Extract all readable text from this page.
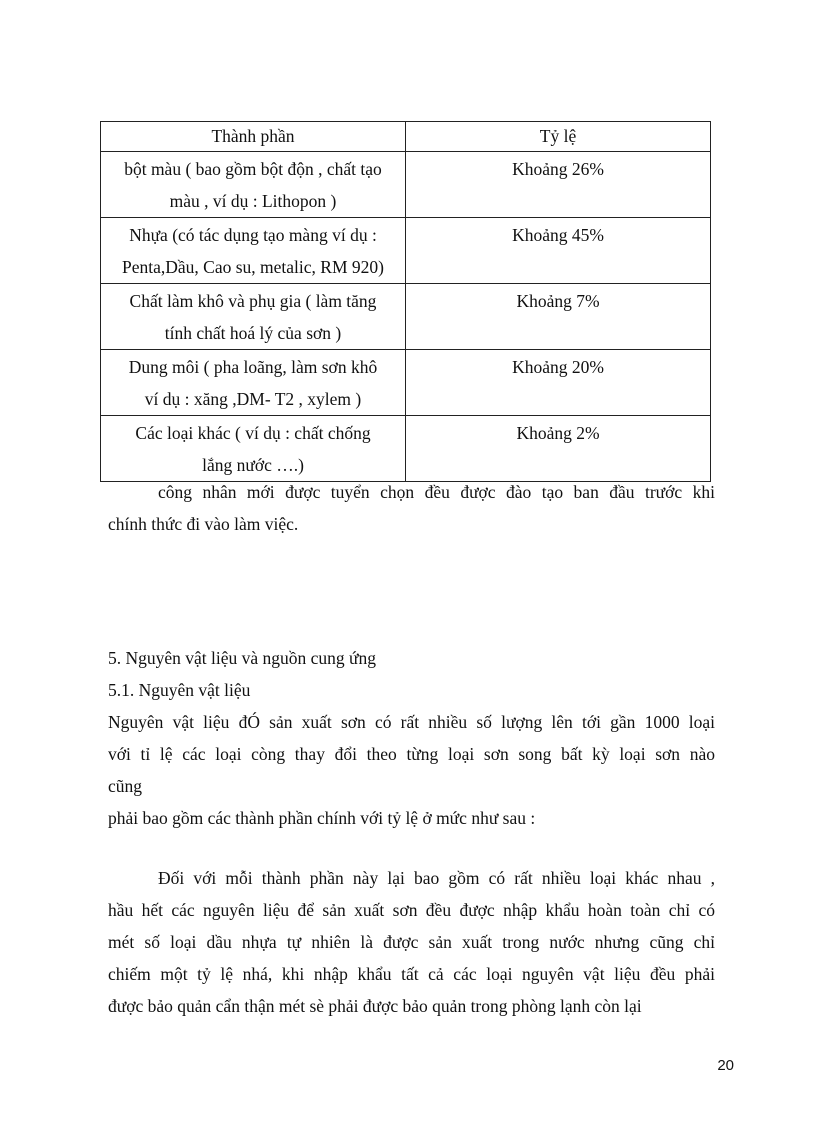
Thành phần	Tỷ lệ

bột màu ( bao gồm bột độn , chất tạo
màu , ví dụ : Lithopon )	Khoảng 26%

Nhựa (có tác dụng tạo màng ví dụ :
Penta,Dầu, Cao su, metalic, RM 920)	Khoảng 45%

Chất làm khô và phụ gia ( làm tăng
tính chất hoá lý của sơn )	Khoảng 7%

Dung môi ( pha loãng, làm sơn khô
ví dụ : xăng ,DM- T2 , xylem )	Khoảng 20%

Các loại khác ( ví dụ : chất chống
lắng nước ….)	Khoảng 2%
công nhân mới được tuyển chọn đều được đào tạo ban đầu trước khi
chính thức đi vào làm việc.
5. Nguyên vật liệu và nguồn cung ứng
5.1. Nguyên vật liệu
Nguyên vật liệu đÓ sản xuất sơn có rất nhiều số lượng lên tới gần 1000 loại
với tỉ lệ các loại còng thay đổi theo từng loại sơn song bất kỳ loại sơn nào
cũng
phải bao gồm các thành phần chính với tỷ lệ ở mức như sau :
Đối với mỗi thành phần này lại bao gồm có rất nhiều loại khác nhau ,
hầu hết các nguyên liệu để sản xuất sơn đều được nhập khẩu hoàn toàn chỉ có
mét số loại dầu nhựa tự nhiên là được sản xuất trong nước nhưng cũng chỉ
chiếm một tỷ lệ nhá, khi nhập khẩu tất cả các loại nguyên vật liệu đều phải
được bảo quản cẩn thận mét sè phải được bảo quản trong phòng lạnh còn lại
20
